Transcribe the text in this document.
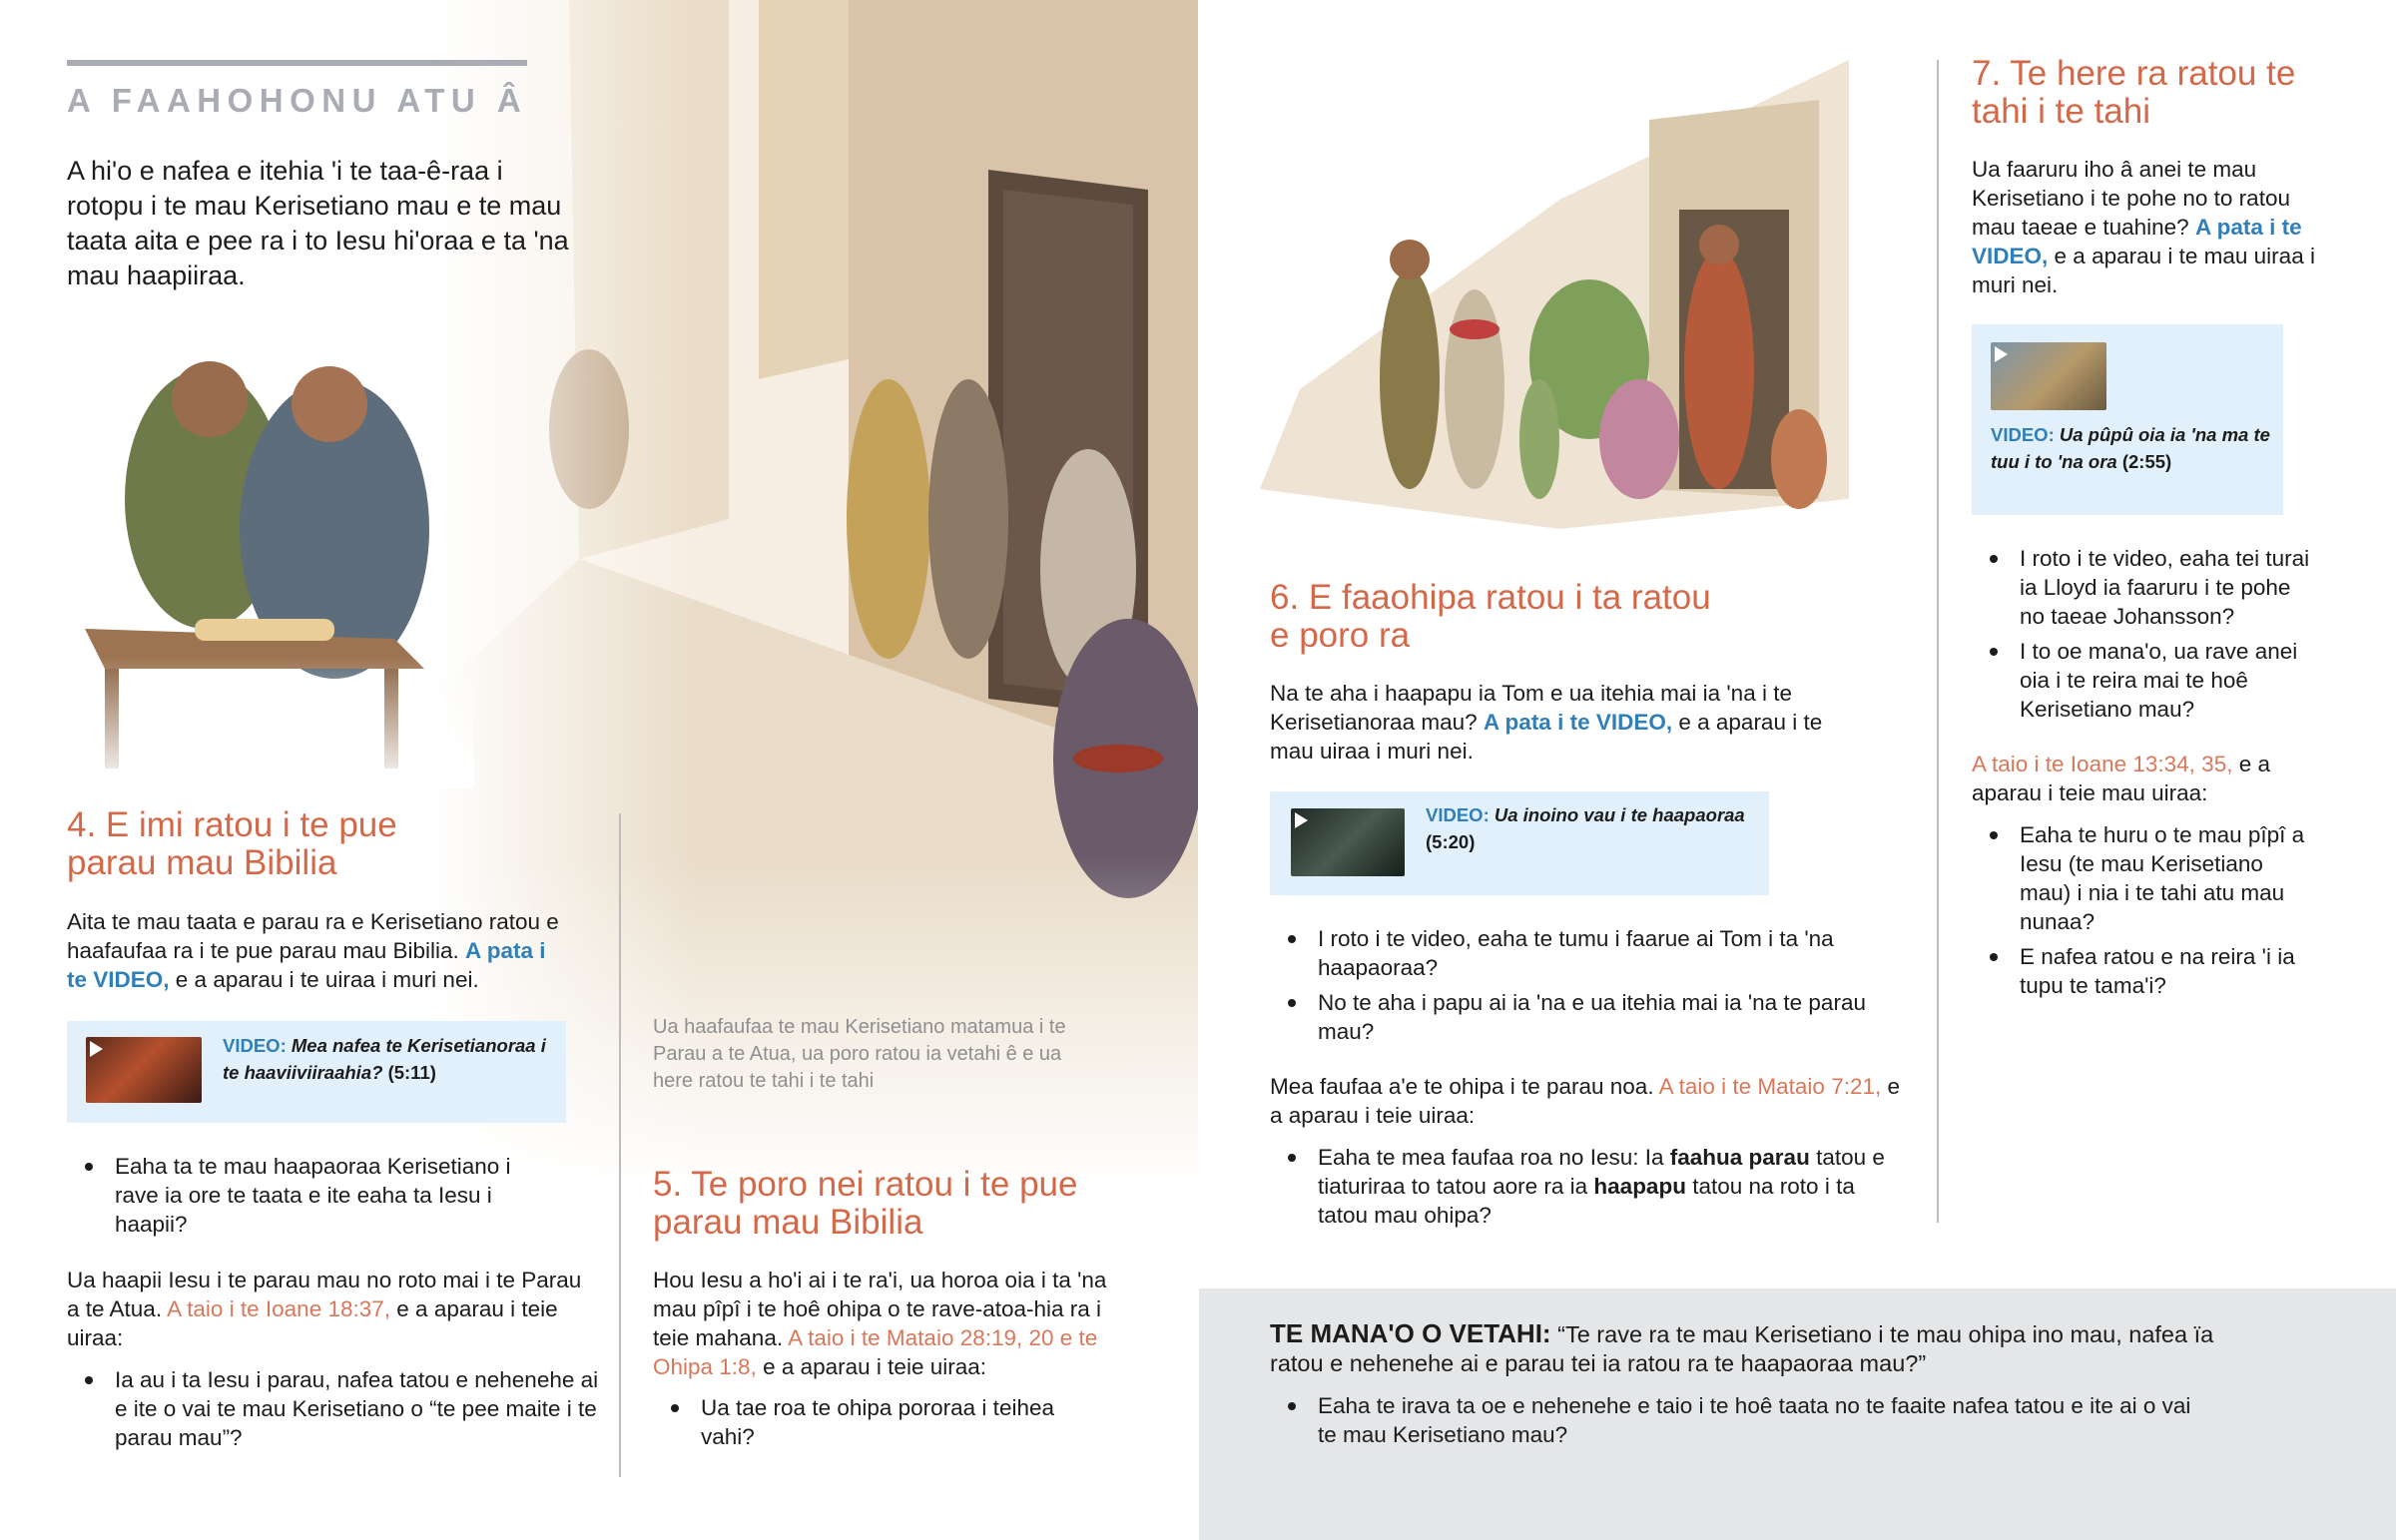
A FAAHOHONU ATU Â
A hi'o e nafea e itehia 'i te taa-ê-raa i rotopu i te mau Kerisetiano mau e te mau taata aita e pee ra i to Iesu hi'oraa e ta 'na mau haapiiraa.
4. E imi ratou i te pue parau mau Bibilia
Aita te mau taata e parau ra e Kerisetiano ratou e haafaufaa ra i te pue parau mau Bibilia. A pata i te VIDEO, e a aparau i te uiraa i muri nei.
VIDEO: Mea nafea te Kerisetianoraa i te haaviiviiraahia? (5:11)
Eaha ta te mau haapaoraa Kerisetiano i rave ia ore te taata e ite eaha ta Iesu i haapii?
Ua haapii Iesu i te parau mau no roto mai i te Parau a te Atua. A taio i te Ioane 18:37, e a aparau i teie uiraa:
Ia au i ta Iesu i parau, nafea tatou e nehenehe ai e ite o vai te mau Kerisetiano o “te pee maite i te parau mau”?
Ua haafaufaa te mau Kerisetiano matamua i te Parau a te Atua, ua poro ratou ia vetahi ê e ua here ratou te tahi i te tahi
5. Te poro nei ratou i te pue parau mau Bibilia
Hou Iesu a ho'i ai i te ra'i, ua horoa oia i ta 'na mau pîpî i te hoê ohipa o te rave-atoa-hia ra i teie mahana. A taio i te Mataio 28:19, 20 e te Ohipa 1:8, e a aparau i teie uiraa:
Ua tae roa te ohipa pororaa i teihea vahi?
6. E faaohipa ratou i ta ratou e poro ra
Na te aha i haapapu ia Tom e ua itehia mai ia 'na i te Kerisetianoraa mau? A pata i te VIDEO, e a aparau i te mau uiraa i muri nei.
VIDEO: Ua inoino vau i te haapaoraa (5:20)
I roto i te video, eaha te tumu i faarue ai Tom i ta 'na haapaoraa?
No te aha i papu ai ia 'na e ua itehia mai ia 'na te parau mau?
Mea faufaa a'e te ohipa i te parau noa. A taio i te Mataio 7:21, e a aparau i teie uiraa:
Eaha te mea faufaa roa no Iesu: Ia faahua parau tatou e tiaturiraa to tatou aore ra ia haapapu tatou na roto i ta tatou mau ohipa?
7. Te here ra ratou te tahi i te tahi
Ua faaruru iho â anei te mau Kerisetiano i te pohe no to ratou mau taeae e tuahine? A pata i te VIDEO, e a aparau i te mau uiraa i muri nei.
VIDEO: Ua pûpû oia ia 'na ma te tuu i to 'na ora (2:55)
I roto i te video, eaha tei turai ia Lloyd ia faaruru i te pohe no taeae Johansson?
I to oe mana'o, ua rave anei oia i te reira mai te hoê Kerisetiano mau?
A taio i te Ioane 13:34, 35, e a aparau i teie mau uiraa:
Eaha te huru o te mau pîpî a Iesu (te mau Kerisetiano mau) i nia i te tahi atu mau nunaa?
E nafea ratou e na reira 'i ia tupu te tama'i?
TE MANA'O O VETAHI: “Te rave ra te mau Kerisetiano i te mau ohipa ino mau, nafea ïa ratou e nehenehe ai e parau tei ia ratou ra te haapaoraa mau?”
Eaha te irava ta oe e nehenehe e taio i te hoê taata no te faaite nafea tatou e ite ai o vai te mau Kerisetiano mau?
